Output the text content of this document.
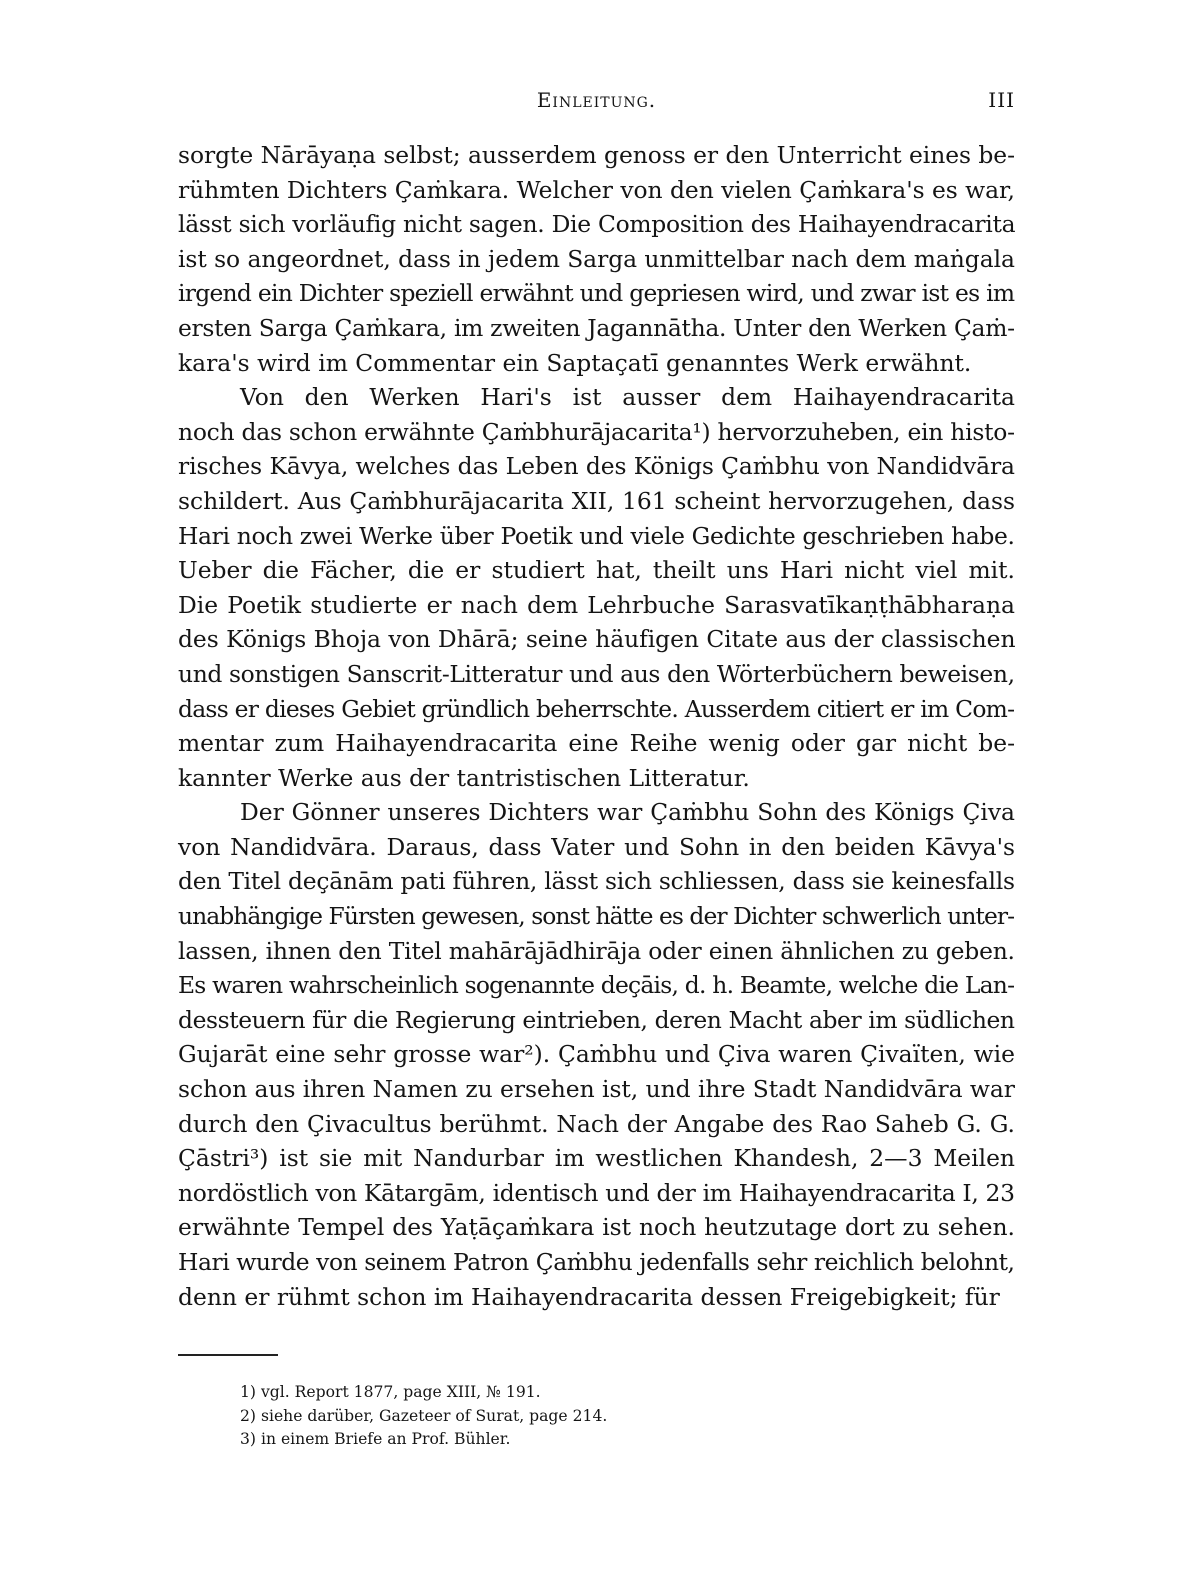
Einleitung.	III

sorgte Nārāyaṇa selbst; ausserdem genoss er den Unterricht eines be-
rühmten Dichters Çaṁkara. Welcher von den vielen Çaṁkara's es war,
lässt sich vorläufig nicht sagen. Die Composition des Haihayendracarita
ist so angeordnet, dass in jedem Sarga unmittelbar nach dem maṅgala
irgend ein Dichter speziell erwähnt und gepriesen wird, und zwar ist es im
ersten Sarga Çaṁkara, im zweiten Jagannātha. Unter den Werken Çaṁ-
kara's wird im Commentar ein Saptaçatī genanntes Werk erwähnt.

Von den Werken Hari's ist ausser dem Haihayendracarita
noch das schon erwähnte Çaṁbhurājacarita¹) hervorzuheben, ein histo-
risches Kāvya, welches das Leben des Königs Çaṁbhu von Nandidvāra
schildert. Aus Çaṁbhurājacarita XII, 161 scheint hervorzugehen, dass
Hari noch zwei Werke über Poetik und viele Gedichte geschrieben habe.
Ueber die Fächer, die er studiert hat, theilt uns Hari nicht viel mit.
Die Poetik studierte er nach dem Lehrbuche Sarasvatīkaṇṭhābharaṇa
des Königs Bhoja von Dhārā; seine häufigen Citate aus der classischen
und sonstigen Sanscrit-Litteratur und aus den Wörterbüchern beweisen,
dass er dieses Gebiet gründlich beherrschte. Ausserdem citiert er im Com-
mentar zum Haihayendracarita eine Reihe wenig oder gar nicht be-
kannter Werke aus der tantristischen Litteratur.

Der Gönner unseres Dichters war Çaṁbhu Sohn des Königs Çiva
von Nandidvāra. Daraus, dass Vater und Sohn in den beiden Kāvya's
den Titel deçānām pati führen, lässt sich schliessen, dass sie keinesfalls
unabhängige Fürsten gewesen, sonst hätte es der Dichter schwerlich unter-
lassen, ihnen den Titel mahārājādhirāja oder einen ähnlichen zu geben.
Es waren wahrscheinlich sogenannte deçāis, d. h. Beamte, welche die Lan-
dessteuern für die Regierung eintrieben, deren Macht aber im südlichen
Gujarāt eine sehr grosse war²). Çaṁbhu und Çiva waren Çivaïten, wie
schon aus ihren Namen zu ersehen ist, und ihre Stadt Nandidvāra war
durch den Çivacultus berühmt. Nach der Angabe des Rao Saheb G. G.
Çāstri³) ist sie mit Nandurbar im westlichen Khandesh, 2—3 Meilen
nordöstlich von Kātargām, identisch und der im Haihayendracarita I, 23
erwähnte Tempel des Yaṭāçaṁkara ist noch heutzutage dort zu sehen.
Hari wurde von seinem Patron Çaṁbhu jedenfalls sehr reichlich belohnt,
denn er rühmt schon im Haihayendracarita dessen Freigebigkeit; für

1) vgl. Report 1877, page XIII, № 191.
2) siehe darüber, Gazeteer of Surat, page 214.
3) in einem Briefe an Prof. Bühler.
